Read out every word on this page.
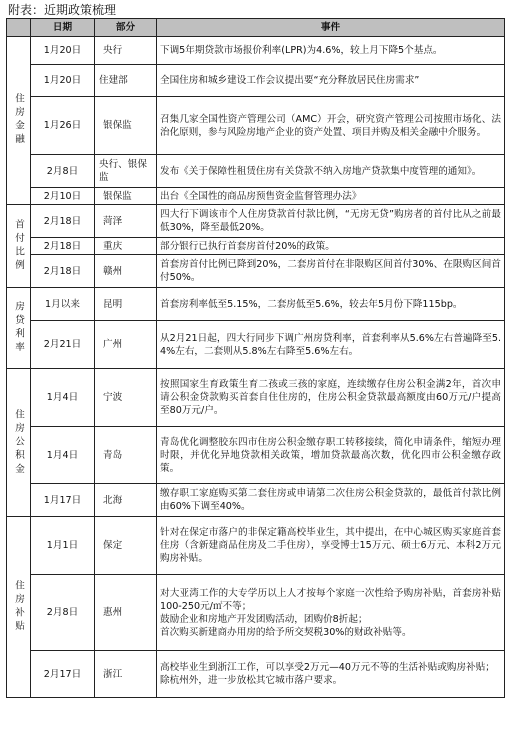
附表：近期政策梳理
	日期	部分	事件
住房金融	1月20日	央行	下调5年期贷款市场报价利率(LPR)为4.6%，较上月下降5个基点。
	1月20日	住建部	全国住房和城乡建设工作会议提出要“充分释放居民住房需求”
	1月26日	银保监	召集几家全国性资产管理公司（AMC）开会，研究资产管理公司按照市场化、法治化原则，参与风险房地产企业的资产处置、项目并购及相关金融中介服务。
	2月8日	央行、银保监	发布《关于保障性租赁住房有关贷款不纳入房地产贷款集中度管理的通知》。
	2月10日	银保监	出台《全国性的商品房预售资金监督管理办法》
首付比例	2月18日	菏泽	四大行下调该市个人住房贷款首付款比例，“无房无贷”购房者的首付比从之前最低30%，降至最低20%。
	2月18日	重庆	部分银行已执行首套房首付20%的政策。
	2月18日	赣州	首套房首付比例已降到20%，二套房首付在非限购区间首付30%、在限购区间首付50%。
房贷利率	1月以来	昆明	首套房利率低至5.15%，二套房低至5.6%，较去年5月份下降115bp。
	2月21日	广州	从2月21日起，四大行同步下调广州房贷利率，首套利率从5.6%左右普遍降至5.4%左右，二套则从5.8%左右降至5.6%左右。
住房公积金	1月4日	宁波	按照国家生育政策生育二孩或三孩的家庭，连续缴存住房公积金满2年，首次申请公积金贷款购买首套自住住房的，住房公积金贷款最高额度由60万元/户提高至80万元/户。
	1月4日	青岛	青岛优化调整胶东四市住房公积金缴存职工转移接续，简化申请条件，缩短办理时限，并优化异地贷款相关政策，增加贷款最高次数，优化四市公积金缴存政策。
	1月17日	北海	缴存职工家庭购买第二套住房或申请第二次住房公积金贷款的，最低首付款比例由60%下调至40%。
住房补贴	1月1日	保定	针对在保定市落户的非保定籍高校毕业生，其中提出，在中心城区购买家庭首套住房（含新建商品住房及二手住房），享受博士15万元、硕士6万元、本科2万元购房补贴。
	2月8日	惠州	对大亚湾工作的大专学历以上人才按每个家庭一次性给予购房补贴，首套房补贴100-250元/㎡不等；
鼓励企业和房地产开发团购活动，团购价8折起；
首次购买新建商办用房的给予所交契税30%的财政补贴等。
	2月17日	浙江	高校毕业生到浙江工作，可以享受2万元—40万元不等的生活补贴或购房补贴；
除杭州外，进一步放松其它城市落户要求。
